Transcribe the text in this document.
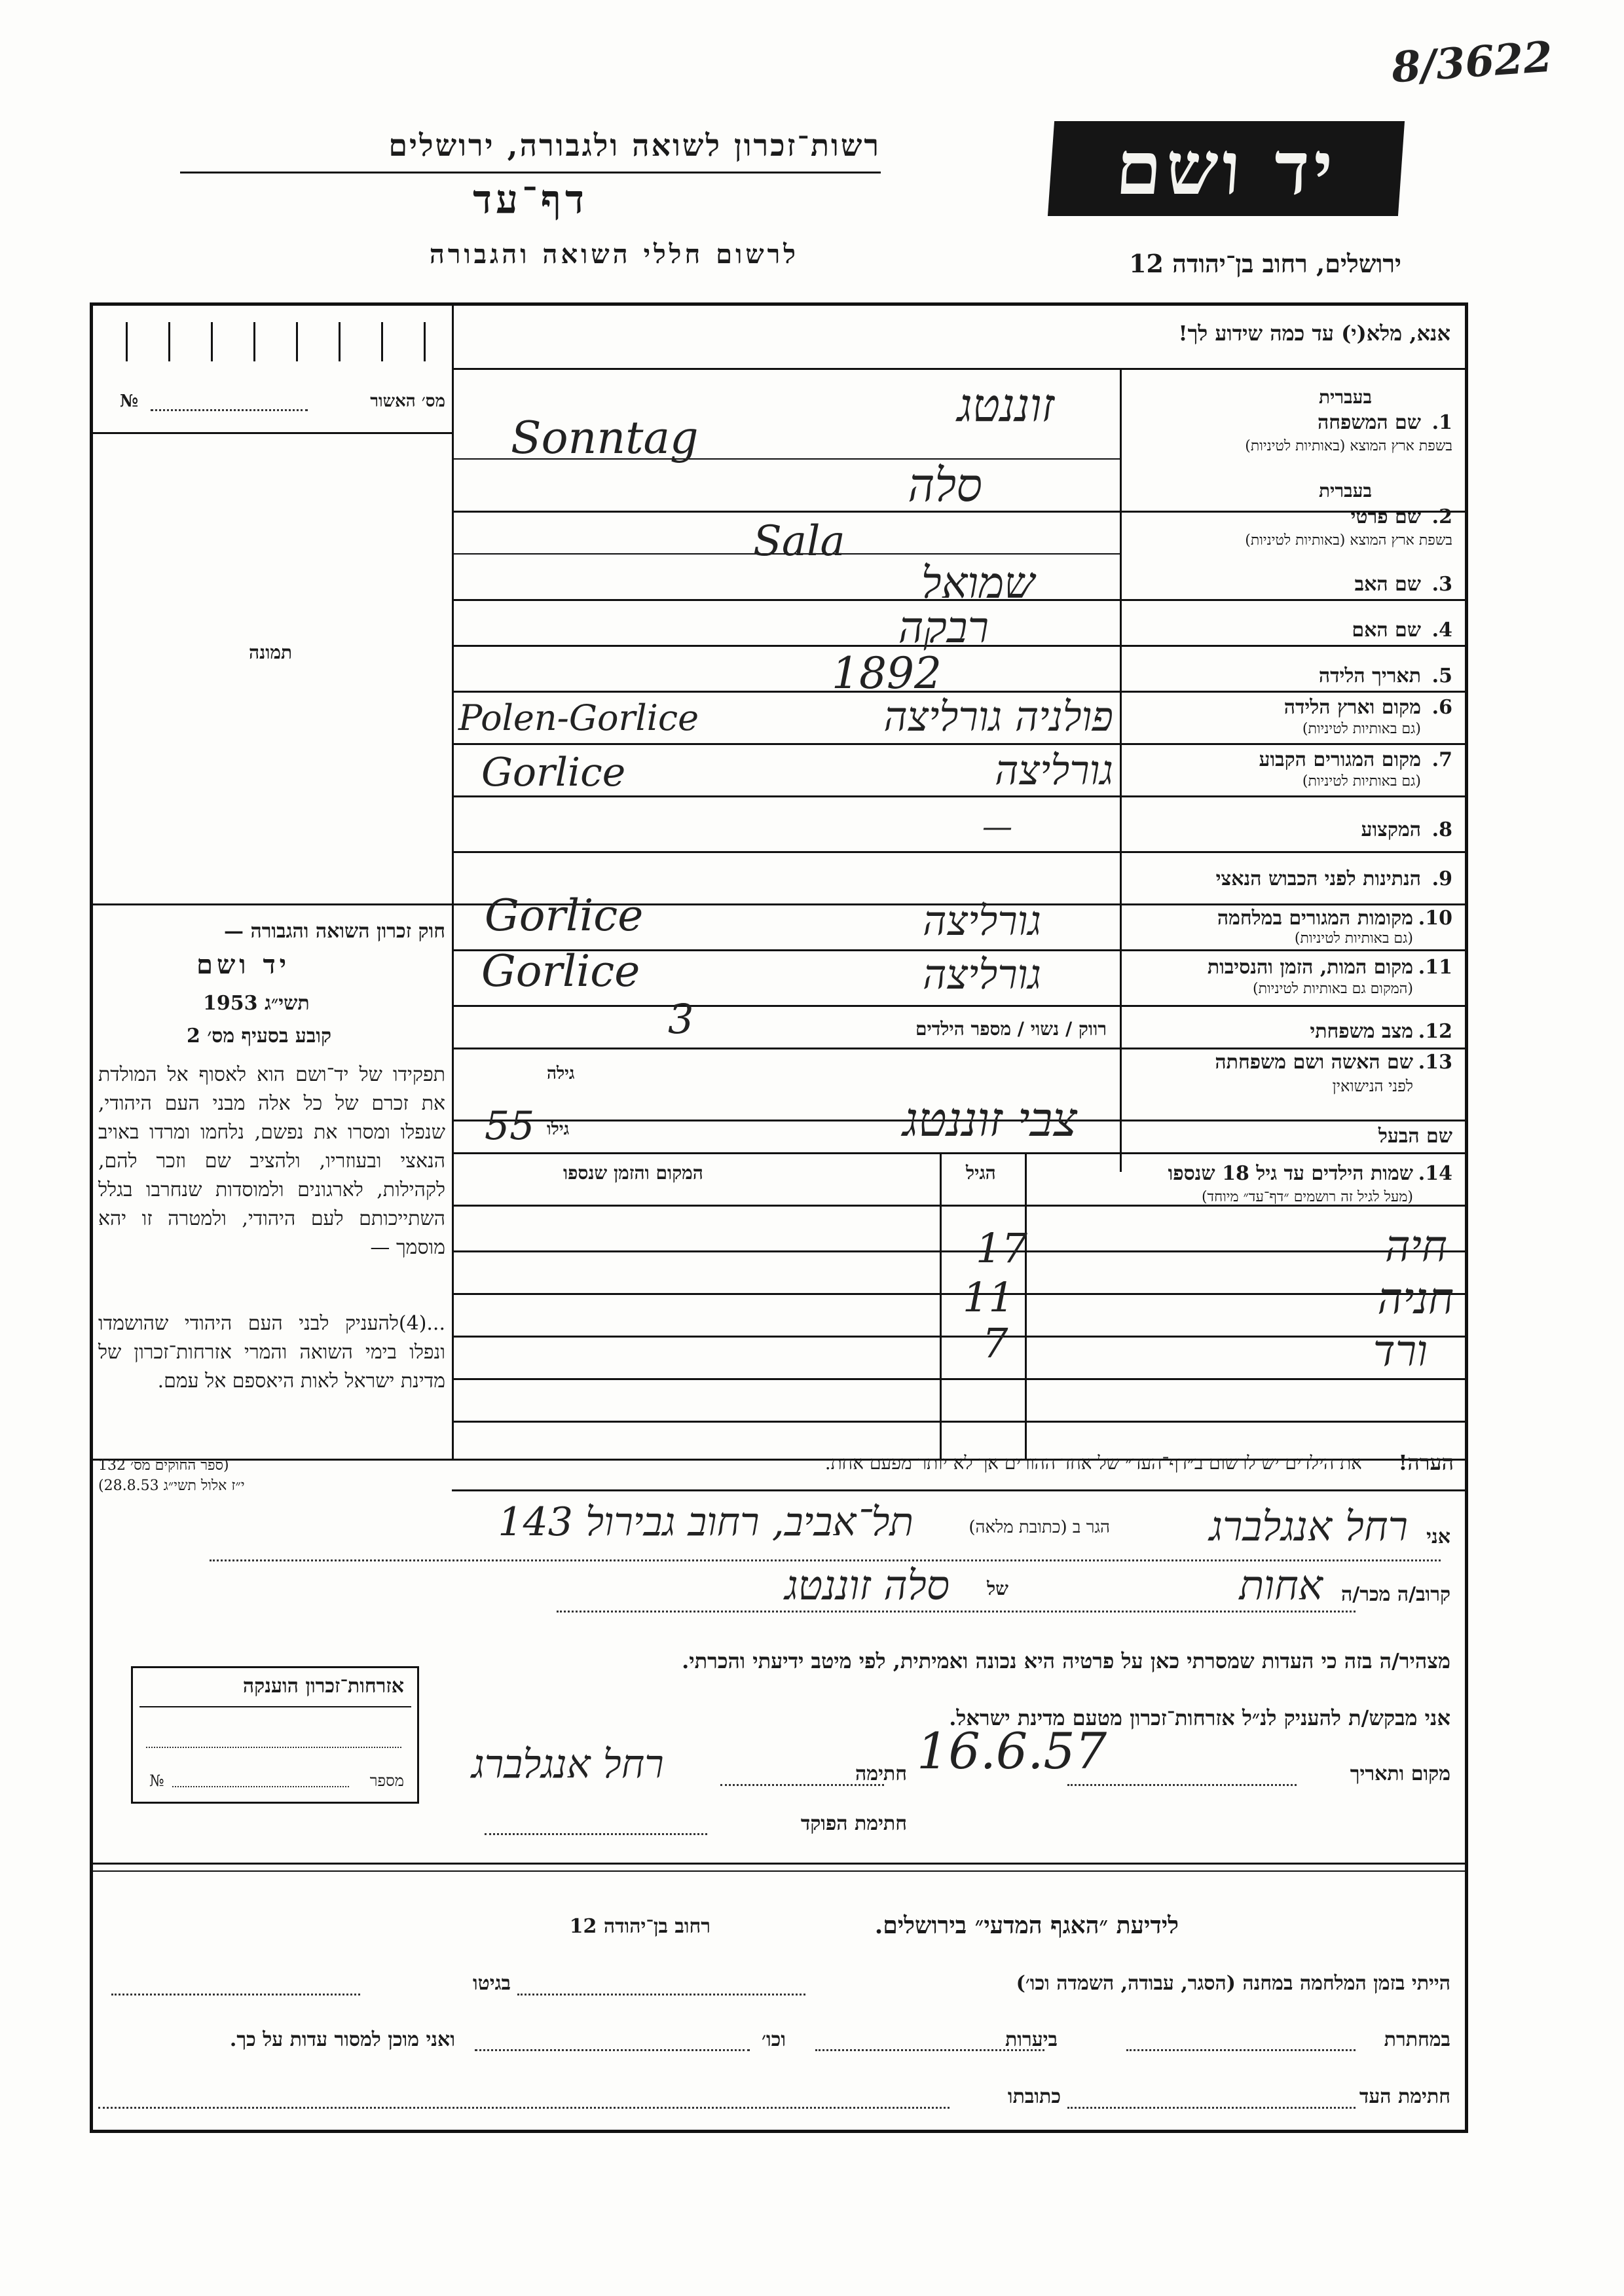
8/3622
רשות־זכרון לשואה ולגבורה, ירושלים
דף־עד
לרשום חללי השואה והגבורה
יד ושם
ירושלים, רחוב בן־יהודה 12
אנא, מלא(י) עד כמה שידוע לך!
מס׳ האשור
№
תמונה
בעברית
1.
שם המשפחה
בשפת ארץ המוצא (באותיות לטיניות)
זוננטג
Sonntag
בעברית
2.
שם פרטי
בשפת ארץ המוצא (באותיות לטיניות)
סלה
Sala
3.
שם האב
שמואל
4.
שם האם
רבקה
5.
תאריך הלידה
1892
6.
מקום וארץ הלידה
(גם באותיות לטיניות)
Polen-Gorlice	פולניה גורליצה
7.
מקום המגורים הקבוע
(גם באותיות לטיניות)
Gorlice	גורליצה
8.
המקצוע
—
9.
הנתינות לפני הכבוש הנאצי
10.
מקומות המגורים במלחמה
(גם באותיות לטיניות)
Gorlice	גורליצה
11.
מקום המות, הזמן והנסיבות
(המקום גם באותיות לטיניות)
Gorlice	גורליצה
12.
מצב משפחתי
רווק / נשוי / מספר הילדים
3
13.
שם האשה ושם משפחתה
לפני הנישואין
גילה
שם הבעל
צבי זוננטג
גילו
55
14.
שמות הילדים עד גיל 18 שנספו
(מעל לגיל זה רושמים ״דף־עד״ מיוחד)
הגיל
המקום והזמן שנספו
חיה
17
חניה
11
ורד
7
הערה!
את הילדים יש לרשום ב״דף־העד״ של אחד ההורים אך לא יותר מפעם אחת.
חוק זכרון השואה והגבורה —
יד ושם
תשי״ג 1953
קובע בסעיף מס׳ 2
תפקידו של יד־ושם הוא לאסוף אל המולדת את זכרם של כל אלה מבני העם היהודי, שנפלו ומסרו את נפשם, נלחמו ומרדו באויב הנאצי ובעוזריו, ולהציב שם וזכר להם, לקהילות, לארגונים ולמוסדות שנחרבו בגלל השתייכותם לעם היהודי, ולמטרה זו יהא מוסמך —
...(4)להעניק לבני העם היהודי שהושמדו ונפלו בימי השואה והמרי אזרחות־זכרון של מדינת ישראל לאות היאספם אל עמם.
(ספר החוקים מס׳ 132
י״ז אלול תשי״ג 28.8.53)
אני
רחל אנגלברג
הגר ב (כתובת מלאה)
תל־אביב, רחוב גבירול 143
קרוב/ה מכר/ה
אחות
של
סלה זוננטג
מצהיר/ה בזה כי העדות שמסרתי כאן על פרטיה היא נכונה ואמיתית, לפי מיטב ידיעתי והכרתי.
אני מבקש/ת להעניק לנ״ל אזרחות־זכרון מטעם מדינת ישראל.
מקום ותאריך
16.6.57
חתימה
רחל אנגלברג
חתימת הפוקד
אזרחות־זכרון הוענקה
מספר
№
לידיעת ״האגף המדעי״ בירושלים.
רחוב בן־יהודה 12
הייתי בזמן המלחמה במחנה (הסגר, עבודה, השמדה וכו׳)
בגיטו
במחתרת
ביערות
וכו׳
ואני מוכן למסור עדות על כך.
חתימת העד
כתובתו
